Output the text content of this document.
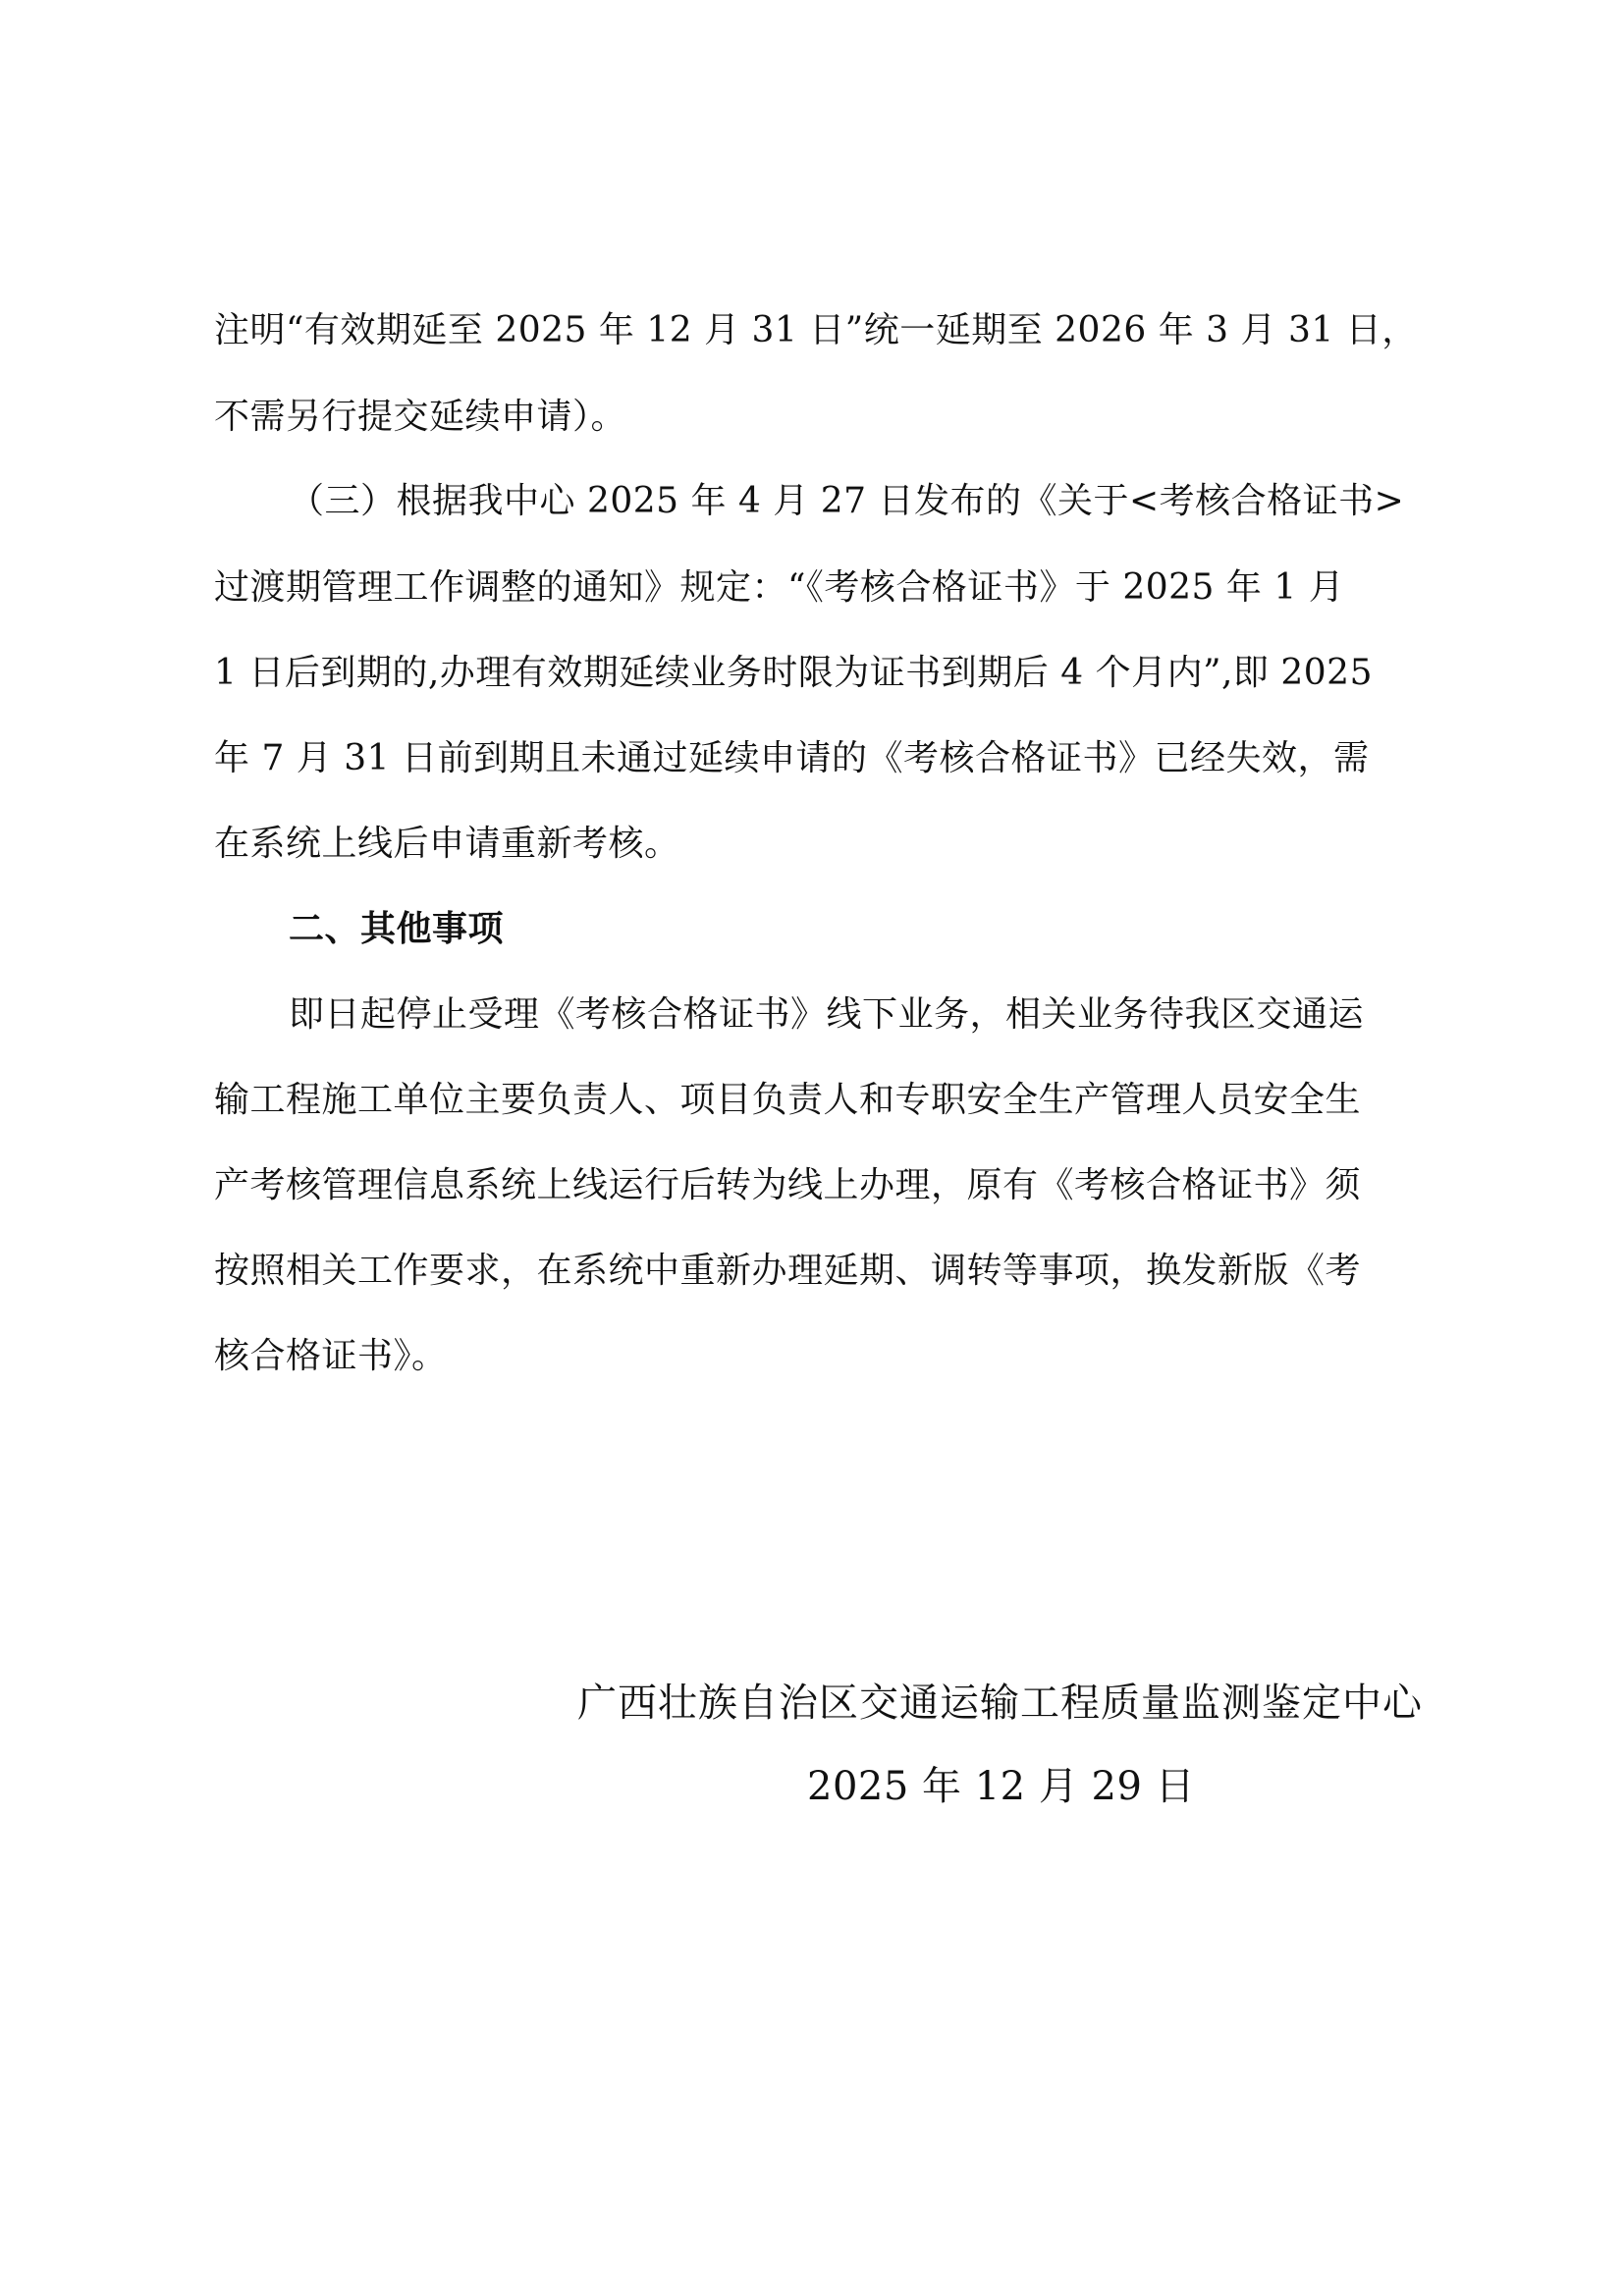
注明“有效期延至 2025 年 12 月 31 日”统一延期至 2026 年 3 月 31 日，
不需另行提交延续申请）。
（三）根据我中心 2025 年 4 月 27 日发布的《关于<考核合格证书>
过渡期管理工作调整的通知》规定：“《考核合格证书》于 2025 年 1 月
1 日后到期的,办理有效期延续业务时限为证书到期后 4 个月内”,即 2025
年 7 月 31 日前到期且未通过延续申请的《考核合格证书》已经失效，需
在系统上线后申请重新考核。
二、其他事项
即日起停止受理《考核合格证书》线下业务，相关业务待我区交通运
输工程施工单位主要负责人、项目负责人和专职安全生产管理人员安全生
产考核管理信息系统上线运行后转为线上办理，原有《考核合格证书》须
按照相关工作要求，在系统中重新办理延期、调转等事项，换发新版《考
核合格证书》。
广西壮族自治区交通运输工程质量监测鉴定中心
2025 年 12 月 29 日
